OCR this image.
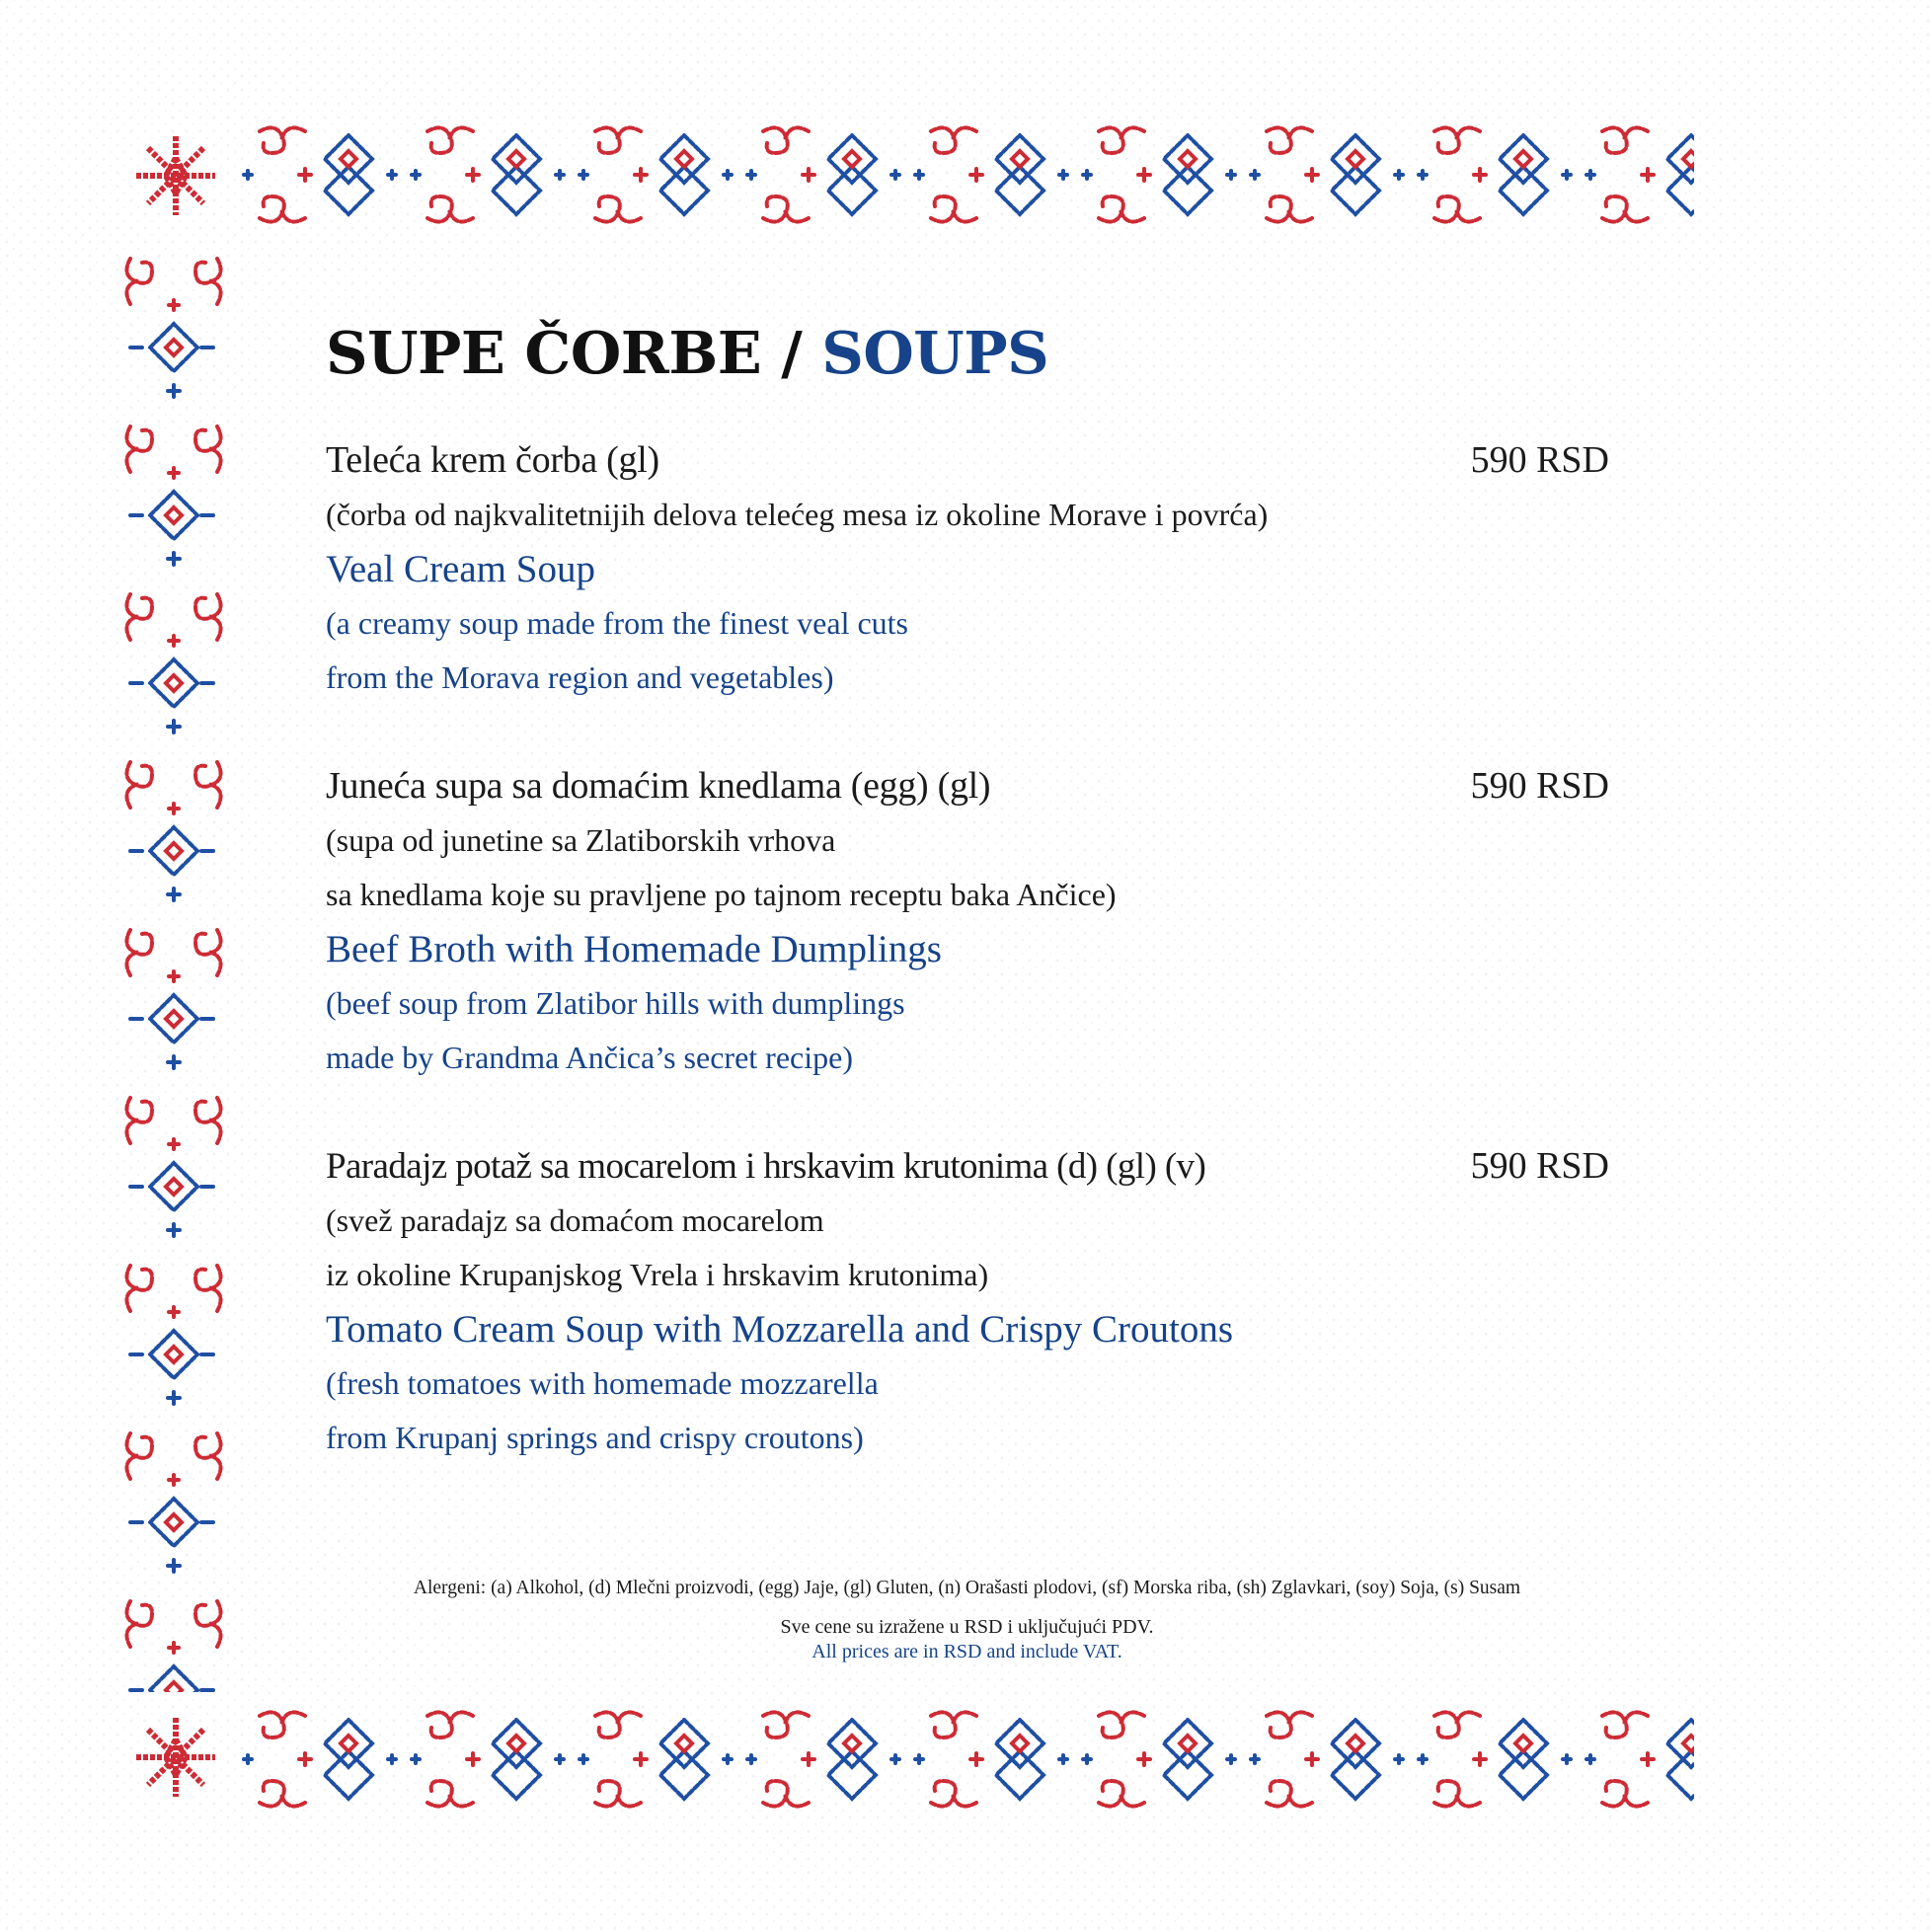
SUPE ČORBE / SOUPS
Teleća krem čorba (gl)	590 RSD
(čorba od najkvalitetnijih delova telećeg mesa iz okoline Morave i povrća)
Veal Cream Soup
(a creamy soup made from the finest veal cuts
from the Morava region and vegetables)
Juneća supa sa domaćim knedlama (egg) (gl)	590 RSD
(supa od junetine sa Zlatiborskih vrhova
sa knedlama koje su pravljene po tajnom receptu baka Ančice)
Beef Broth with Homemade Dumplings
(beef soup from Zlatibor hills with dumplings
made by Grandma Ančica’s secret recipe)
Paradajz potaž sa mocarelom i hrskavim krutonima (d) (gl) (v)	590 RSD
(svež paradajz sa domaćom mocarelom
iz okoline Krupanjskog Vrela i hrskavim krutonima)
Tomato Cream Soup with Mozzarella and Crispy Croutons
(fresh tomatoes with homemade mozzarella
from Krupanj springs and crispy croutons)
Alergeni: (a) Alkohol, (d) Mlečni proizvodi, (egg) Jaje, (gl) Gluten, (n) Orašasti plodovi, (sf) Morska riba, (sh) Zglavkari, (soy) Soja, (s) Susam
Sve cene su izražene u RSD i uključujući PDV.
All prices are in RSD and include VAT.
